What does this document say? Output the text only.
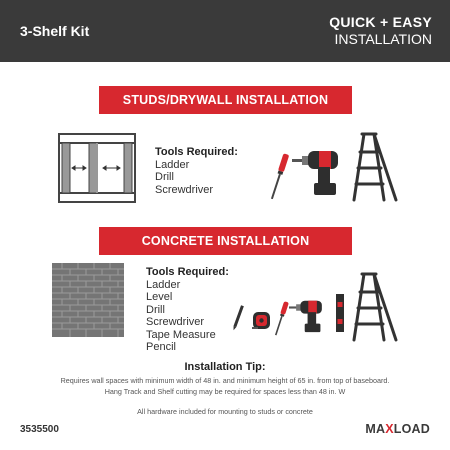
3-Shelf Kit
QUICK + EASY
INSTALLATION
STUDS/DRYWALL INSTALLATION
Tools Required:
Ladder
Drill
Screwdriver
CONCRETE INSTALLATION
Tools Required:
Ladder
Level
Drill
Screwdriver
Tape Measure
Pencil
Installation Tip:
Requires wall spaces with minimum width of 48 in. and minimum height of 65 in. from top of baseboard.
Hang Track and Shelf cutting may be required for spaces less than 48 in. W
All hardware included for mounting to studs or concrete
3535500	MAXLOAD
